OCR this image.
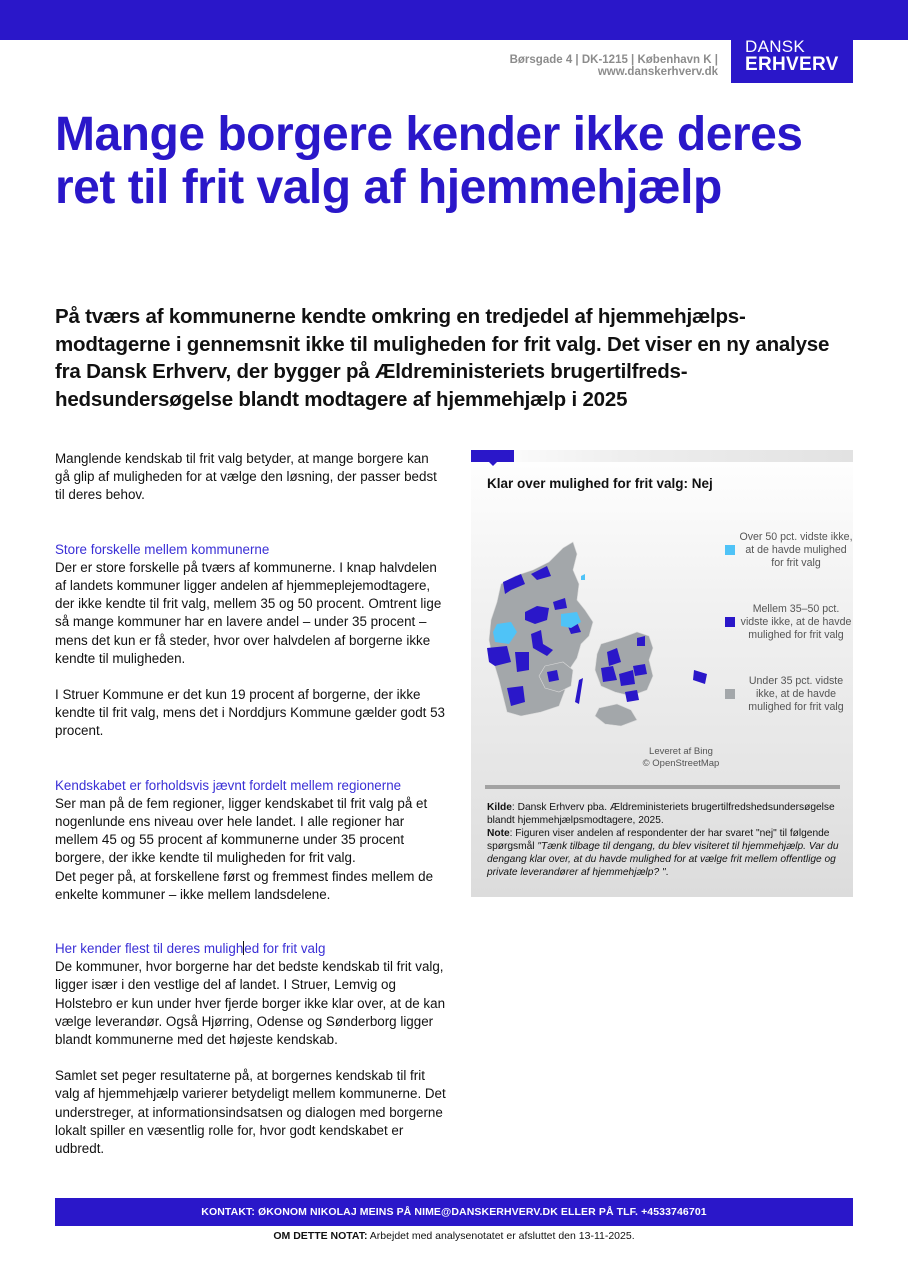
Børsgade 4 | DK-1215 | København K | www.danskerhverv.dk
DANSK
ERHVERV
Mange borgere kender ikke deres ret til frit valg af hjemmehjælp

På tværs af kommunerne kendte omkring en tredjedel af hjemmehjælps-modtagerne i gennemsnit ikke til muligheden for frit valg. Det viser en ny analyse fra Dansk Erhverv, der bygger på Ældreministeriets brugertilfreds-hedsundersøgelse blandt modtagere af hjemmehjælp i 2025

Manglende kendskab til frit valg betyder, at mange borgere kan gå glip af muligheden for at vælge den løsning, der passer bedst til deres behov.

Store forskelle mellem kommunerne

Der er store forskelle på tværs af kommunerne. I knap halvdelen af landets kommuner ligger andelen af hjemmeplejemodtagere, der ikke kendte til frit valg, mellem 35 og 50 procent. Omtrent lige så mange kommuner har en lavere andel – under 35 procent – mens det kun er få steder, hvor over halvdelen af borgerne ikke kendte til muligheden.

I Struer Kommune er det kun 19 procent af borgerne, der ikke kendte til frit valg, mens det i Norddjurs Kommune gælder godt 53 procent.

Kendskabet er forholdsvis jævnt fordelt mellem regionerne

Ser man på de fem regioner, ligger kendskabet til frit valg på et nogenlunde ens niveau over hele landet. I alle regioner har mellem 45 og 55 procent af kommunerne under 35 procent borgere, der ikke kendte til muligheden for frit valg.

Det peger på, at forskellene først og fremmest findes mellem de enkelte kommuner – ikke mellem landsdelene.

Her kender flest til deres mulighed for frit valg

De kommuner, hvor borgerne har det bedste kendskab til frit valg, ligger især i den vestlige del af landet. I Struer, Lemvig og Holstebro er kun under hver fjerde borger ikke klar over, at de kan vælge leverandør. Også Hjørring, Odense og Sønderborg ligger blandt kommunerne med det højeste kendskab.

Samlet set peger resultaterne på, at borgernes kendskab til frit valg af hjemmehjælp varierer betydeligt mellem kommunerne. Det understreger, at informationsindsatsen og dialogen med borgerne lokalt spiller en væsentlig rolle for, hvor godt kendskabet er udbredt.

Klar over mulighed for frit valg: Nej
Over 50 pct. vidste ikke, at de havde mulighed for frit valg
Mellem 35–50 pct. vidste ikke, at de havde mulighed for frit valg
Under 35 pct. vidste ikke, at de havde mulighed for frit valg
Leveret af Bing
© OpenStreetMap
Kilde: Dansk Erhverv pba. Ældreministeriets brugertilfredshedsundersøgelse blandt hjemmehjælpsmodtagere, 2025.
Note: Figuren viser andelen af respondenter der har svaret "nej" til følgende spørgsmål "Tænk tilbage til dengang, du blev visiteret til hjemmehjælp. Var du dengang klar over, at du havde mulighed for at vælge frit mellem offentlige og private leverandører af hjemmehjælp? ".
KONTAKT: ØKONOM NIKOLAJ MEINS PÅ NIME@DANSKERHVERV.DK ELLER PÅ TLF. +4533746701
OM DETTE NOTAT: Arbejdet med analysenotatet er afsluttet den 13-11-2025.
